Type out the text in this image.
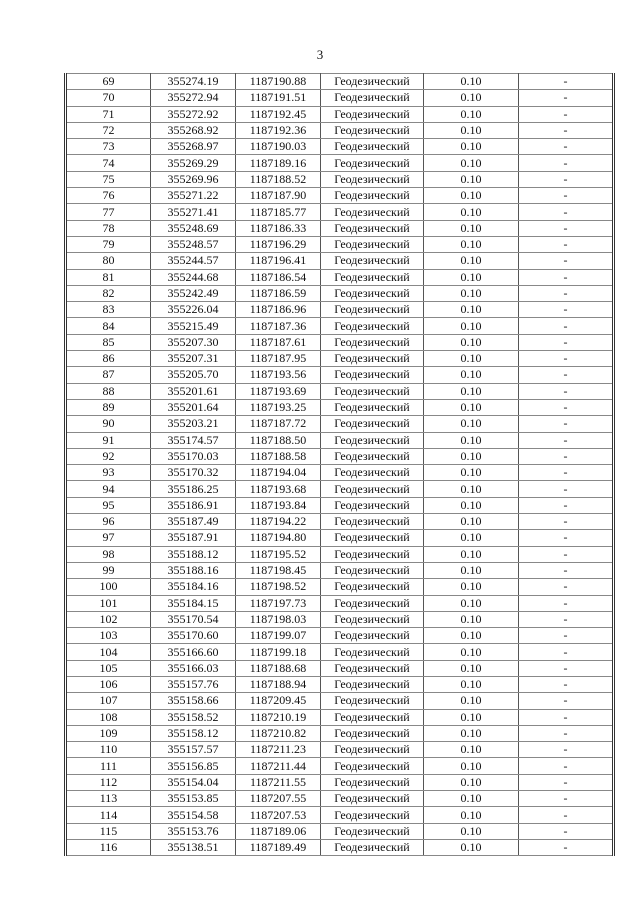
3
69	355274.19	1187190.88	Геодезический	0.10	-
70	355272.94	1187191.51	Геодезический	0.10	-
71	355272.92	1187192.45	Геодезический	0.10	-
72	355268.92	1187192.36	Геодезический	0.10	-
73	355268.97	1187190.03	Геодезический	0.10	-
74	355269.29	1187189.16	Геодезический	0.10	-
75	355269.96	1187188.52	Геодезический	0.10	-
76	355271.22	1187187.90	Геодезический	0.10	-
77	355271.41	1187185.77	Геодезический	0.10	-
78	355248.69	1187186.33	Геодезический	0.10	-
79	355248.57	1187196.29	Геодезический	0.10	-
80	355244.57	1187196.41	Геодезический	0.10	-
81	355244.68	1187186.54	Геодезический	0.10	-
82	355242.49	1187186.59	Геодезический	0.10	-
83	355226.04	1187186.96	Геодезический	0.10	-
84	355215.49	1187187.36	Геодезический	0.10	-
85	355207.30	1187187.61	Геодезический	0.10	-
86	355207.31	1187187.95	Геодезический	0.10	-
87	355205.70	1187193.56	Геодезический	0.10	-
88	355201.61	1187193.69	Геодезический	0.10	-
89	355201.64	1187193.25	Геодезический	0.10	-
90	355203.21	1187187.72	Геодезический	0.10	-
91	355174.57	1187188.50	Геодезический	0.10	-
92	355170.03	1187188.58	Геодезический	0.10	-
93	355170.32	1187194.04	Геодезический	0.10	-
94	355186.25	1187193.68	Геодезический	0.10	-
95	355186.91	1187193.84	Геодезический	0.10	-
96	355187.49	1187194.22	Геодезический	0.10	-
97	355187.91	1187194.80	Геодезический	0.10	-
98	355188.12	1187195.52	Геодезический	0.10	-
99	355188.16	1187198.45	Геодезический	0.10	-
100	355184.16	1187198.52	Геодезический	0.10	-
101	355184.15	1187197.73	Геодезический	0.10	-
102	355170.54	1187198.03	Геодезический	0.10	-
103	355170.60	1187199.07	Геодезический	0.10	-
104	355166.60	1187199.18	Геодезический	0.10	-
105	355166.03	1187188.68	Геодезический	0.10	-
106	355157.76	1187188.94	Геодезический	0.10	-
107	355158.66	1187209.45	Геодезический	0.10	-
108	355158.52	1187210.19	Геодезический	0.10	-
109	355158.12	1187210.82	Геодезический	0.10	-
110	355157.57	1187211.23	Геодезический	0.10	-
111	355156.85	1187211.44	Геодезический	0.10	-
112	355154.04	1187211.55	Геодезический	0.10	-
113	355153.85	1187207.55	Геодезический	0.10	-
114	355154.58	1187207.53	Геодезический	0.10	-
115	355153.76	1187189.06	Геодезический	0.10	-
116	355138.51	1187189.49	Геодезический	0.10	-
